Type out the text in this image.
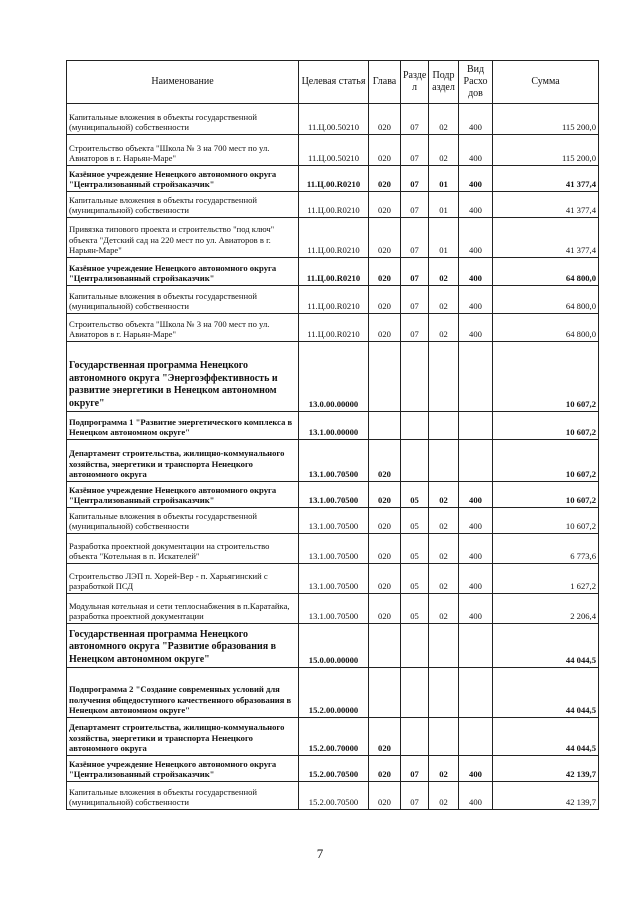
Наименование	Целевая статья	Глава	Разде л	Подр аздел	Вид Расхо дов	Сумма
Капитальные вложения в объекты государственной (муниципальной) собственности	11.Ц.00.50210	020	07	02	400	115 200,0
Строительство объекта "Школа № 3 на 700 мест по ул. Авиаторов в г. Нарьян-Маре"	11.Ц.00.50210	020	07	02	400	115 200,0
Казённое учреждение Ненецкого автономного округа "Централизованный стройзаказчик"	11.Ц.00.R0210	020	07	01	400	41 377,4
Капитальные вложения в объекты государственной (муниципальной) собственности	11.Ц.00.R0210	020	07	01	400	41 377,4
Привязка типового проекта и строительство "под ключ" объекта "Детский сад на 220 мест по ул. Авиаторов в г. Нарьян-Маре"	11.Ц.00.R0210	020	07	01	400	41 377,4
Казённое учреждение Ненецкого автономного округа "Централизованный стройзаказчик"	11.Ц.00.R0210	020	07	02	400	64 800,0
Капитальные вложения в объекты государственной (муниципальной) собственности	11.Ц.00.R0210	020	07	02	400	64 800,0
Строительство объекта "Школа № 3 на 700 мест по ул. Авиаторов в г. Нарьян-Маре"	11.Ц.00.R0210	020	07	02	400	64 800,0
Государственная программа Ненецкого автономного округа "Энергоэффективность и развитие энергетики в Ненецком автономном округе"	13.0.00.00000					10 607,2
Подпрограмма 1 "Развитие энергетического комплекса в Ненецком автономном округе"	13.1.00.00000					10 607,2
Департамент строительства, жилищно-коммунального хозяйства, энергетики и транспорта Ненецкого автономного округа	13.1.00.70500	020				10 607,2
Казённое учреждение Ненецкого автономного округа "Централизованный стройзаказчик"	13.1.00.70500	020	05	02	400	10 607,2
Капитальные вложения в объекты государственной (муниципальной) собственности	13.1.00.70500	020	05	02	400	10 607,2
Разработка проектной документации на строительство объекта "Котельная в п. Искателей"	13.1.00.70500	020	05	02	400	6 773,6
Строительство ЛЭП п. Хорей-Вер - п. Харьягинский с разработкой ПСД	13.1.00.70500	020	05	02	400	1 627,2
Модульная котельная и сети теплоснабжения в п.Каратайка, разработка проектной документации	13.1.00.70500	020	05	02	400	2 206,4
Государственная программа Ненецкого автономного округа "Развитие образования в Ненецком автономном округе"	15.0.00.00000					44 044,5
Подпрограмма 2 "Создание современных условий для получения общедоступного качественного образования в Ненецком автономном округе"	15.2.00.00000					44 044,5
Департамент строительства, жилищно-коммунального хозяйства, энергетики и транспорта Ненецкого автономного округа	15.2.00.70000	020				44 044,5
Казённое учреждение Ненецкого автономного округа "Централизованный стройзаказчик"	15.2.00.70500	020	07	02	400	42 139,7
Капитальные вложения в объекты государственной (муниципальной) собственности	15.2.00.70500	020	07	02	400	42 139,7
7
